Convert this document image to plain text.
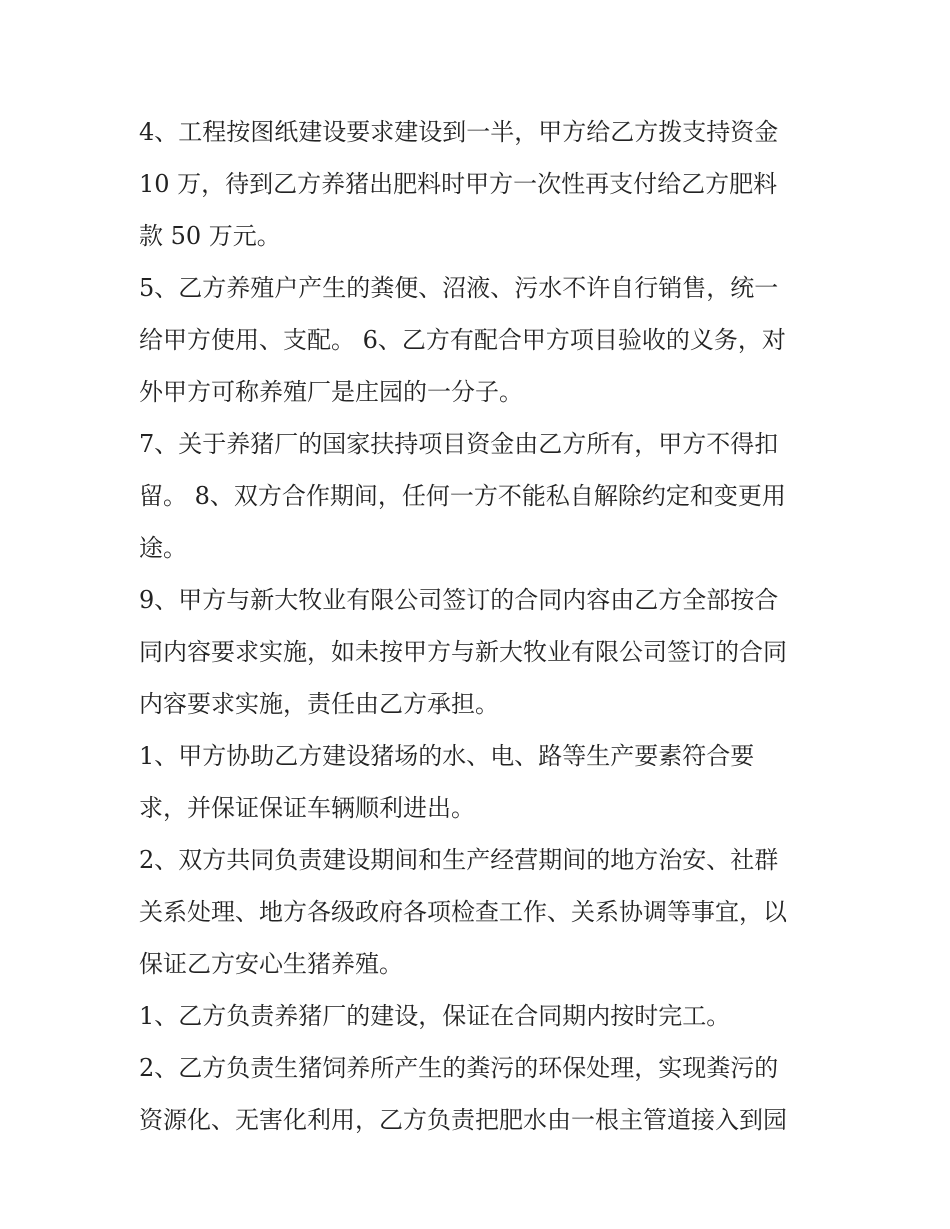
4、工程按图纸建设要求建设到一半，甲方给乙方拨支持资金
10 万，待到乙方养猪出肥料时甲方一次性再支付给乙方肥料
款 50 万元。
5、乙方养殖户产生的粪便、沼液、污水不许自行销售，统一
给甲方使用、支配。 6、乙方有配合甲方项目验收的义务，对
外甲方可称养殖厂是庄园的一分子。
7、关于养猪厂的国家扶持项目资金由乙方所有，甲方不得扣
留。 8、双方合作期间，任何一方不能私自解除约定和变更用
途。
9、甲方与新大牧业有限公司签订的合同内容由乙方全部按合
同内容要求实施，如未按甲方与新大牧业有限公司签订的合同
内容要求实施，责任由乙方承担。
1、甲方协助乙方建设猪场的水、电、路等生产要素符合要
求，并保证保证车辆顺利进出。
2、双方共同负责建设期间和生产经营期间的地方治安、社群
关系处理、地方各级政府各项检查工作、关系协调等事宜，以
保证乙方安心生猪养殖。
1、乙方负责养猪厂的建设，保证在合同期内按时完工。
2、乙方负责生猪饲养所产生的粪污的环保处理，实现粪污的
资源化、无害化利用，乙方负责把肥水由一根主管道接入到园
